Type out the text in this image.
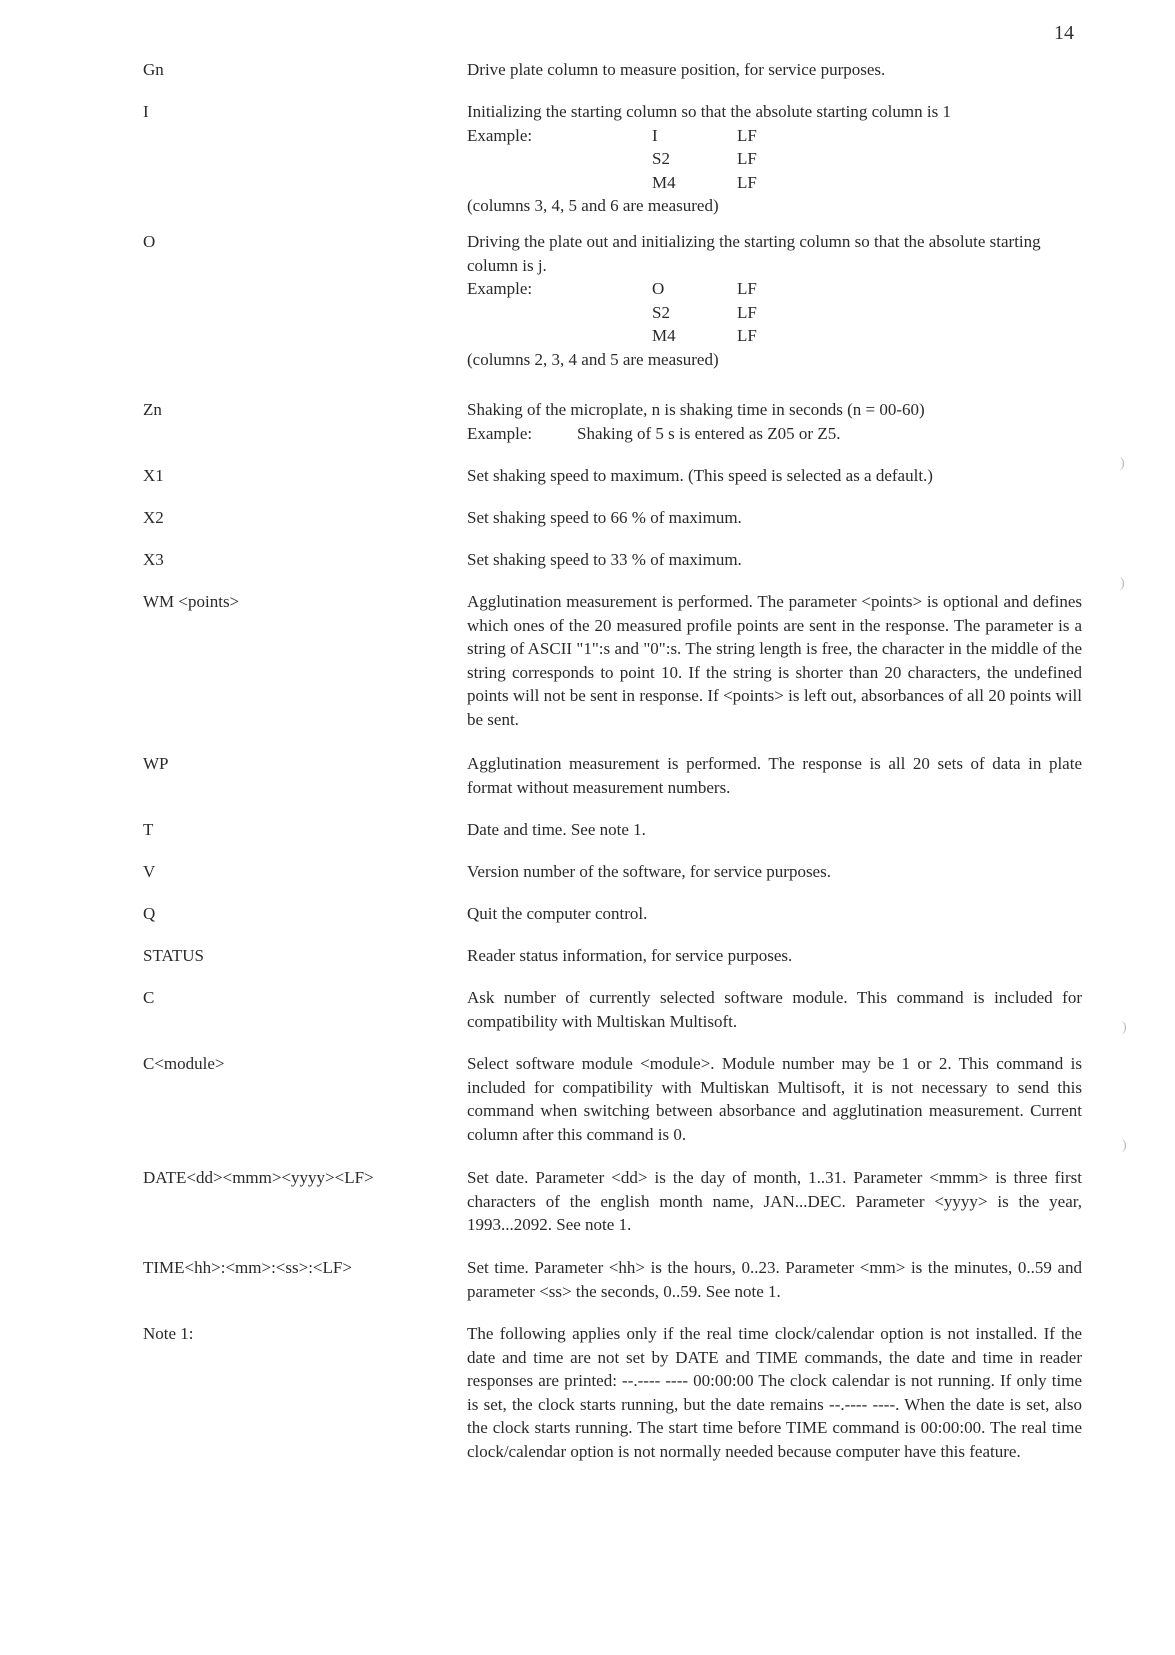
14
Gn	Drive plate column to measure position, for service purposes.
I	Initializing the starting column so that the absolute starting column is 1
Example:	I	LF
S2	LF
M4	LF
(columns 3, 4, 5 and 6 are measured)
O	Driving the plate out and initializing the starting column so that the absolute starting column is j.
Example:	O	LF
S2	LF
M4	LF
(columns 2, 3, 4 and 5 are measured)
Zn	Shaking of the microplate, n is shaking time in seconds (n = 00-60)
Example:	Shaking of 5 s is entered as Z05 or Z5.
X1	Set shaking speed to maximum. (This speed is selected as a default.)
X2	Set shaking speed to 66 % of maximum.
X3	Set shaking speed to 33 % of maximum.
WM <points>	Agglutination measurement is performed. The parameter <points> is optional and defines which ones of the 20 measured profile points are sent in the response. The parameter is a string of ASCII "1":s and "0":s. The string length is free, the character in the middle of the string corresponds to point 10. If the string is shorter than 20 characters, the undefined points will not be sent in response. If <points> is left out, absorbances of all 20 points will be sent.
WP	Agglutination measurement is performed. The response is all 20 sets of data in plate format without measurement numbers.
T	Date and time. See note 1.
V	Version number of the software, for service purposes.
Q	Quit the computer control.
STATUS	Reader status information, for service purposes.
C	Ask number of currently selected software module. This command is included for compatibility with Multiskan Multisoft.
C<module>	Select software module <module>. Module number may be 1 or 2. This command is included for compatibility with Multiskan Multisoft, it is not necessary to send this command when switching between absorbance and agglutination measurement. Current column after this command is 0.
DATE<dd><mmm><yyyy><LF>	Set date. Parameter <dd> is the day of month, 1..31. Parameter <mmm> is three first characters of the english month name, JAN...DEC. Parameter <yyyy> is the year, 1993...2092. See note 1.
TIME<hh>:<mm>:<ss>:<LF>	Set time. Parameter <hh> is the hours, 0..23. Parameter <mm> is the minutes, 0..59 and parameter <ss> the seconds, 0..59. See note 1.
Note 1:	The following applies only if the real time clock/calendar option is not installed. If the date and time are not set by DATE and TIME commands, the date and time in reader responses are printed: --.---- ---- 00:00:00 The clock calendar is not running. If only time is set, the clock starts running, but the date remains --.---- ----. When the date is set, also the clock starts running. The start time before TIME command is 00:00:00. The real time clock/calendar option is not normally needed because computer have this feature.
)
)
)
)
